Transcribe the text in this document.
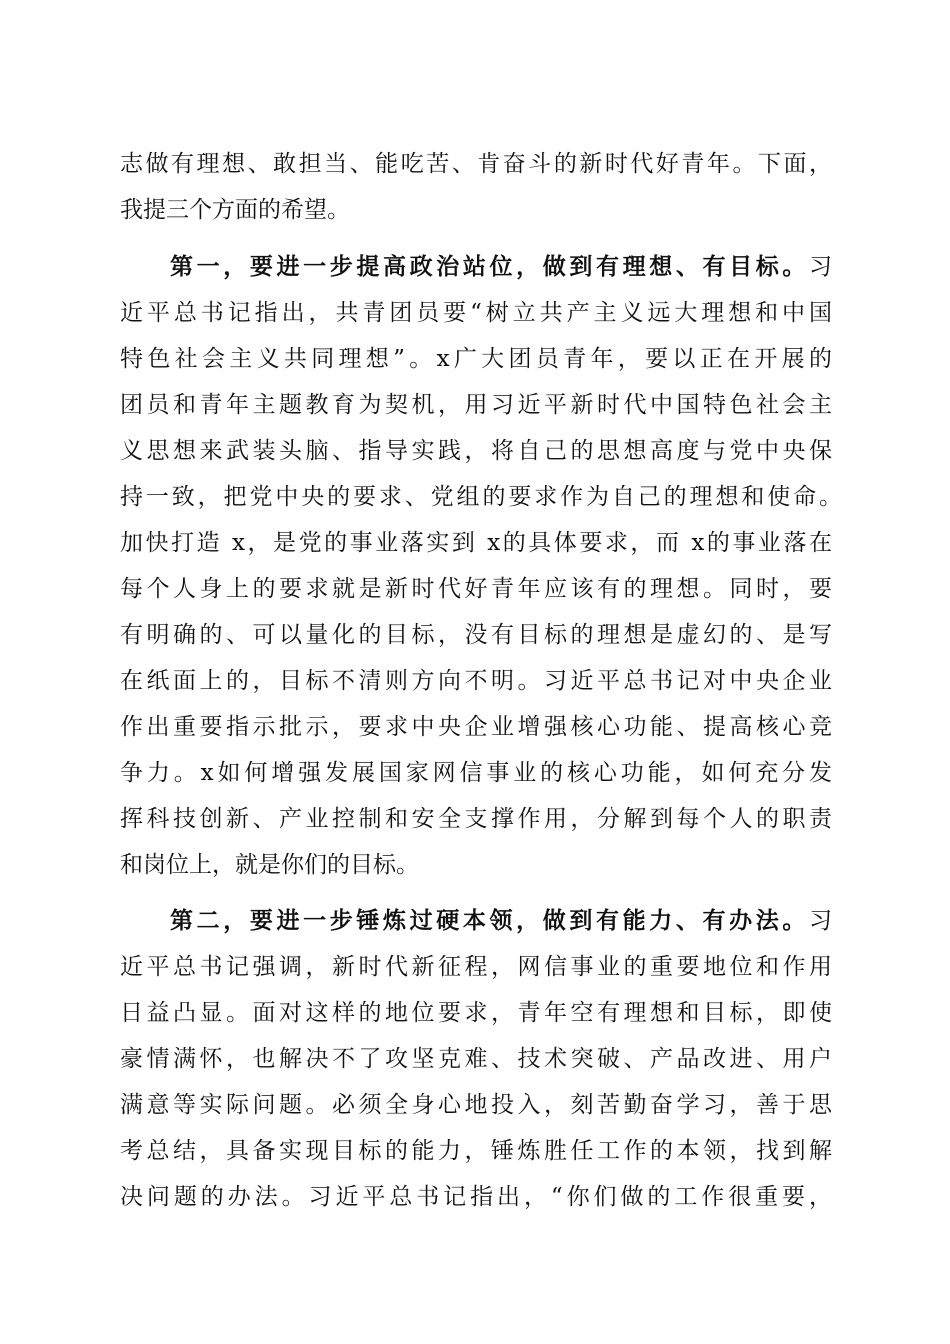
志做有理想、敢担当、能吃苦、肯奋斗的新时代好青年。下面，
我提三个方面的希望。
第一，要进一步提高政治站位，做到有理想、有目标。习
近平总书记指出，共青团员要“树立共产主义远大理想和中国
特色社会主义共同理想”。x广大团员青年，要以正在开展的
团员和青年主题教育为契机，用习近平新时代中国特色社会主
义思想来武装头脑、指导实践，将自己的思想高度与党中央保
持一致，把党中央的要求、党组的要求作为自己的理想和使命。
加快打造 x，是党的事业落实到 x的具体要求，而 x的事业落在
每个人身上的要求就是新时代好青年应该有的理想。同时，要
有明确的、可以量化的目标，没有目标的理想是虚幻的、是写
在纸面上的，目标不清则方向不明。习近平总书记对中央企业
作出重要指示批示，要求中央企业增强核心功能、提高核心竞
争力。x如何增强发展国家网信事业的核心功能，如何充分发
挥科技创新、产业控制和安全支撑作用，分解到每个人的职责
和岗位上，就是你们的目标。
第二，要进一步锤炼过硬本领，做到有能力、有办法。习
近平总书记强调，新时代新征程，网信事业的重要地位和作用
日益凸显。面对这样的地位要求，青年空有理想和目标，即使
豪情满怀，也解决不了攻坚克难、技术突破、产品改进、用户
满意等实际问题。必须全身心地投入，刻苦勤奋学习，善于思
考总结，具备实现目标的能力，锤炼胜任工作的本领，找到解
决问题的办法。习近平总书记指出，“你们做的工作很重要，
